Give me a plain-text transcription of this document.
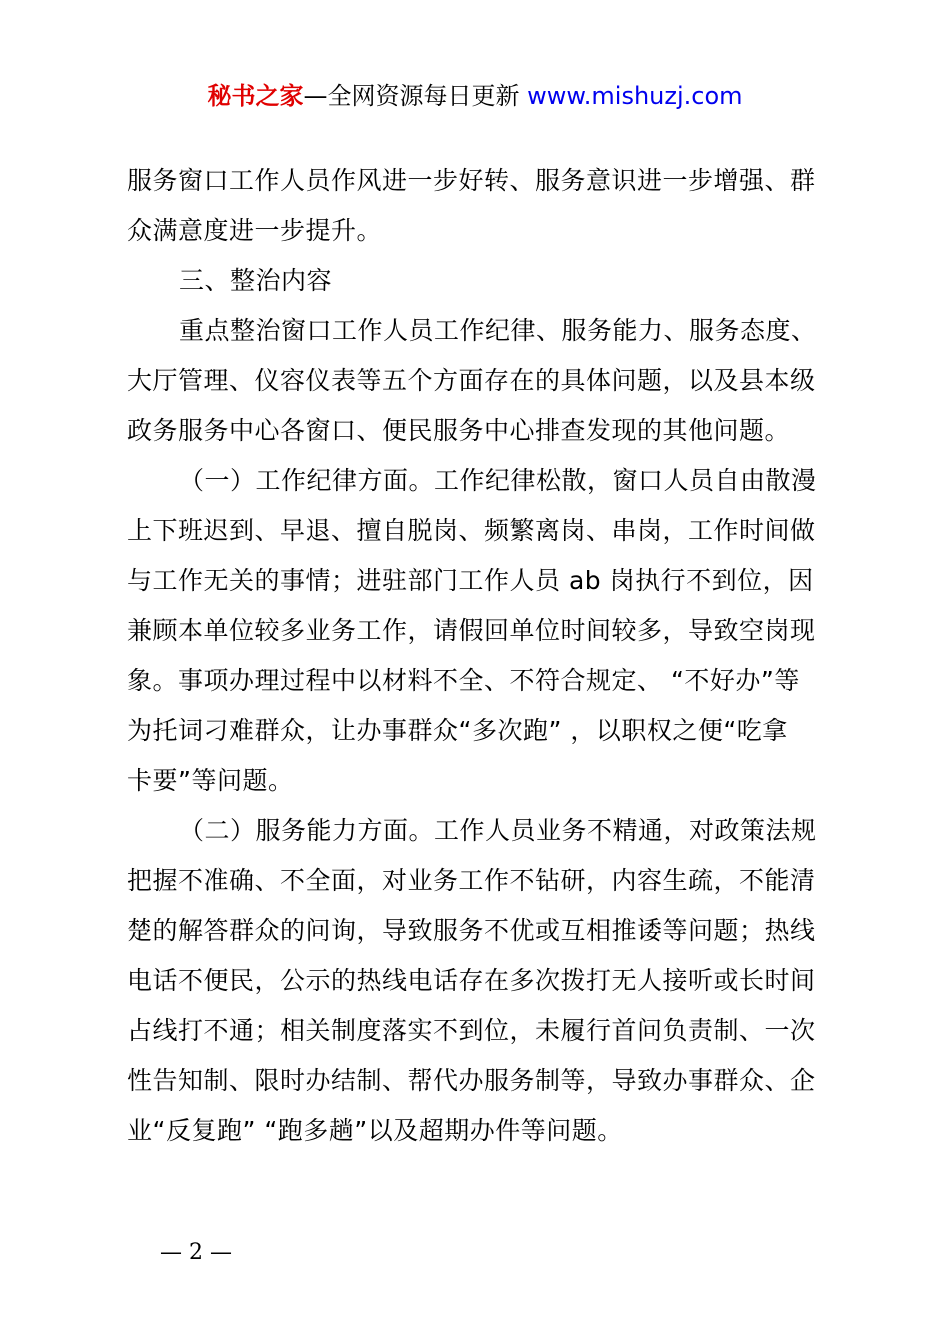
秘书之家—全网资源每日更新 www.mishuzj.com
服务窗口工作人员作风进一步好转、服务意识进一步增强、群
众满意度进一步提升。
三、整治内容
重点整治窗口工作人员工作纪律、服务能力、服务态度、
大厅管理、仪容仪表等五个方面存在的具体问题，以及县本级
政务服务中心各窗口、便民服务中心排查发现的其他问题。
（一）工作纪律方面。工作纪律松散，窗口人员自由散漫
上下班迟到、早退、擅自脱岗、频繁离岗、串岗，工作时间做
与工作无关的事情；进驻部门工作人员 ab 岗执行不到位，因
兼顾本单位较多业务工作，请假回单位时间较多，导致空岗现
象。事项办理过程中以材料不全、不符合规定、 “不好办”等
为托词刁难群众，让办事群众“多次跑” ，以职权之便“吃拿
卡要”等问题。
（二）服务能力方面。工作人员业务不精通，对政策法规
把握不准确、不全面，对业务工作不钻研，内容生疏，不能清
楚的解答群众的问询，导致服务不优或互相推诿等问题；热线
电话不便民，公示的热线电话存在多次拨打无人接听或长时间
占线打不通；相关制度落实不到位，未履行首问负责制、一次
性告知制、限时办结制、帮代办服务制等，导致办事群众、企
业“反复跑” “跑多趟”以及超期办件等问题。
— 2 —
